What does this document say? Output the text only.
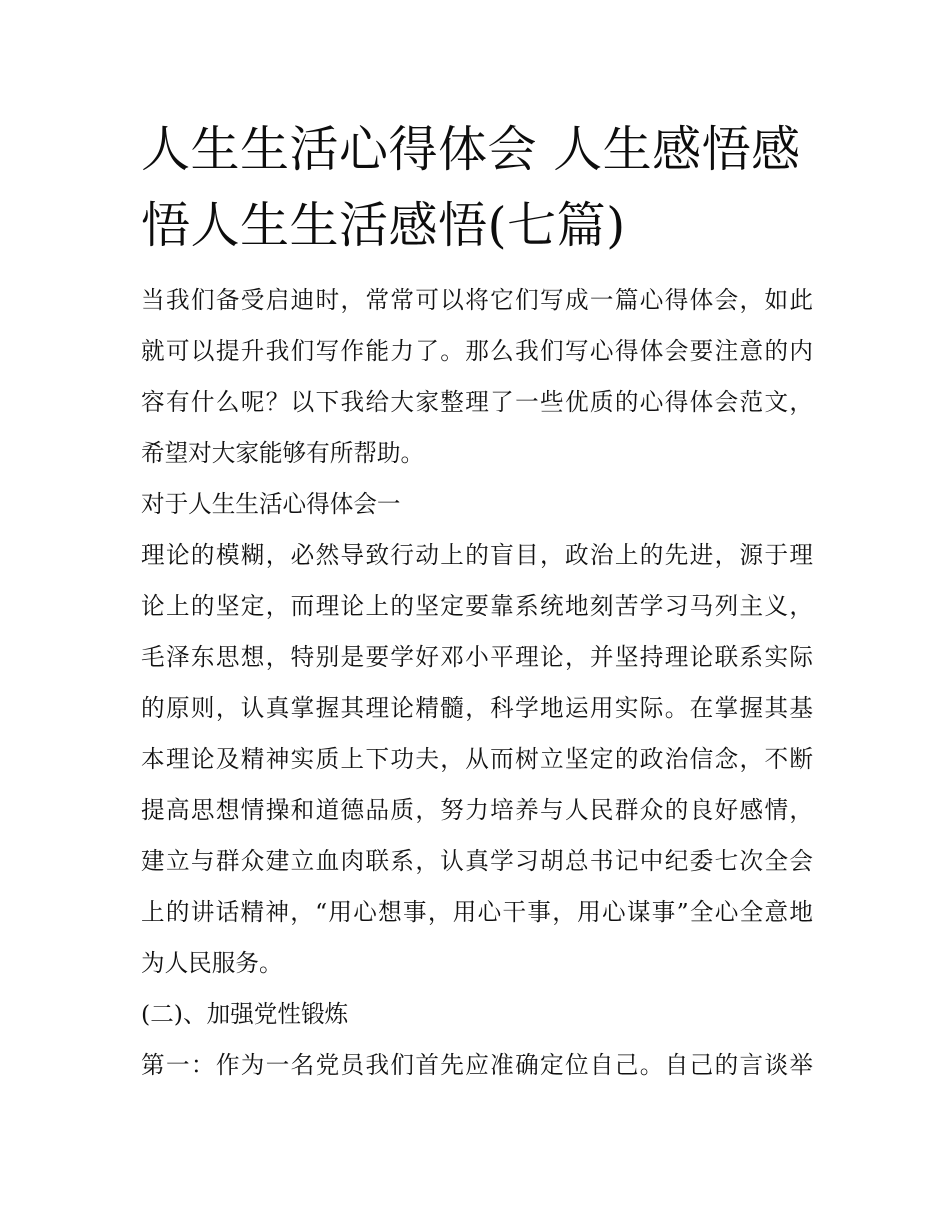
人生生活心得体会 人生感悟感
悟人生生活感悟(七篇)
当我们备受启迪时，常常可以将它们写成一篇心得体会，如此
就可以提升我们写作能力了。那么我们写心得体会要注意的内
容有什么呢？以下我给大家整理了一些优质的心得体会范文，
希望对大家能够有所帮助。
对于人生生活心得体会一
理论的模糊，必然导致行动上的盲目，政治上的先进，源于理
论上的坚定，而理论上的坚定要靠系统地刻苦学习马列主义，
毛泽东思想，特别是要学好邓小平理论，并坚持理论联系实际
的原则，认真掌握其理论精髓，科学地运用实际。在掌握其基
本理论及精神实质上下功夫，从而树立坚定的政治信念，不断
提高思想情操和道德品质，努力培养与人民群众的良好感情，
建立与群众建立血肉联系，认真学习胡总书记中纪委七次全会
上的讲话精神，“用心想事，用心干事，用心谋事”全心全意地
为人民服务。
(二)、加强党性锻炼
第一：作为一名党员我们首先应准确定位自己。自己的言谈举
